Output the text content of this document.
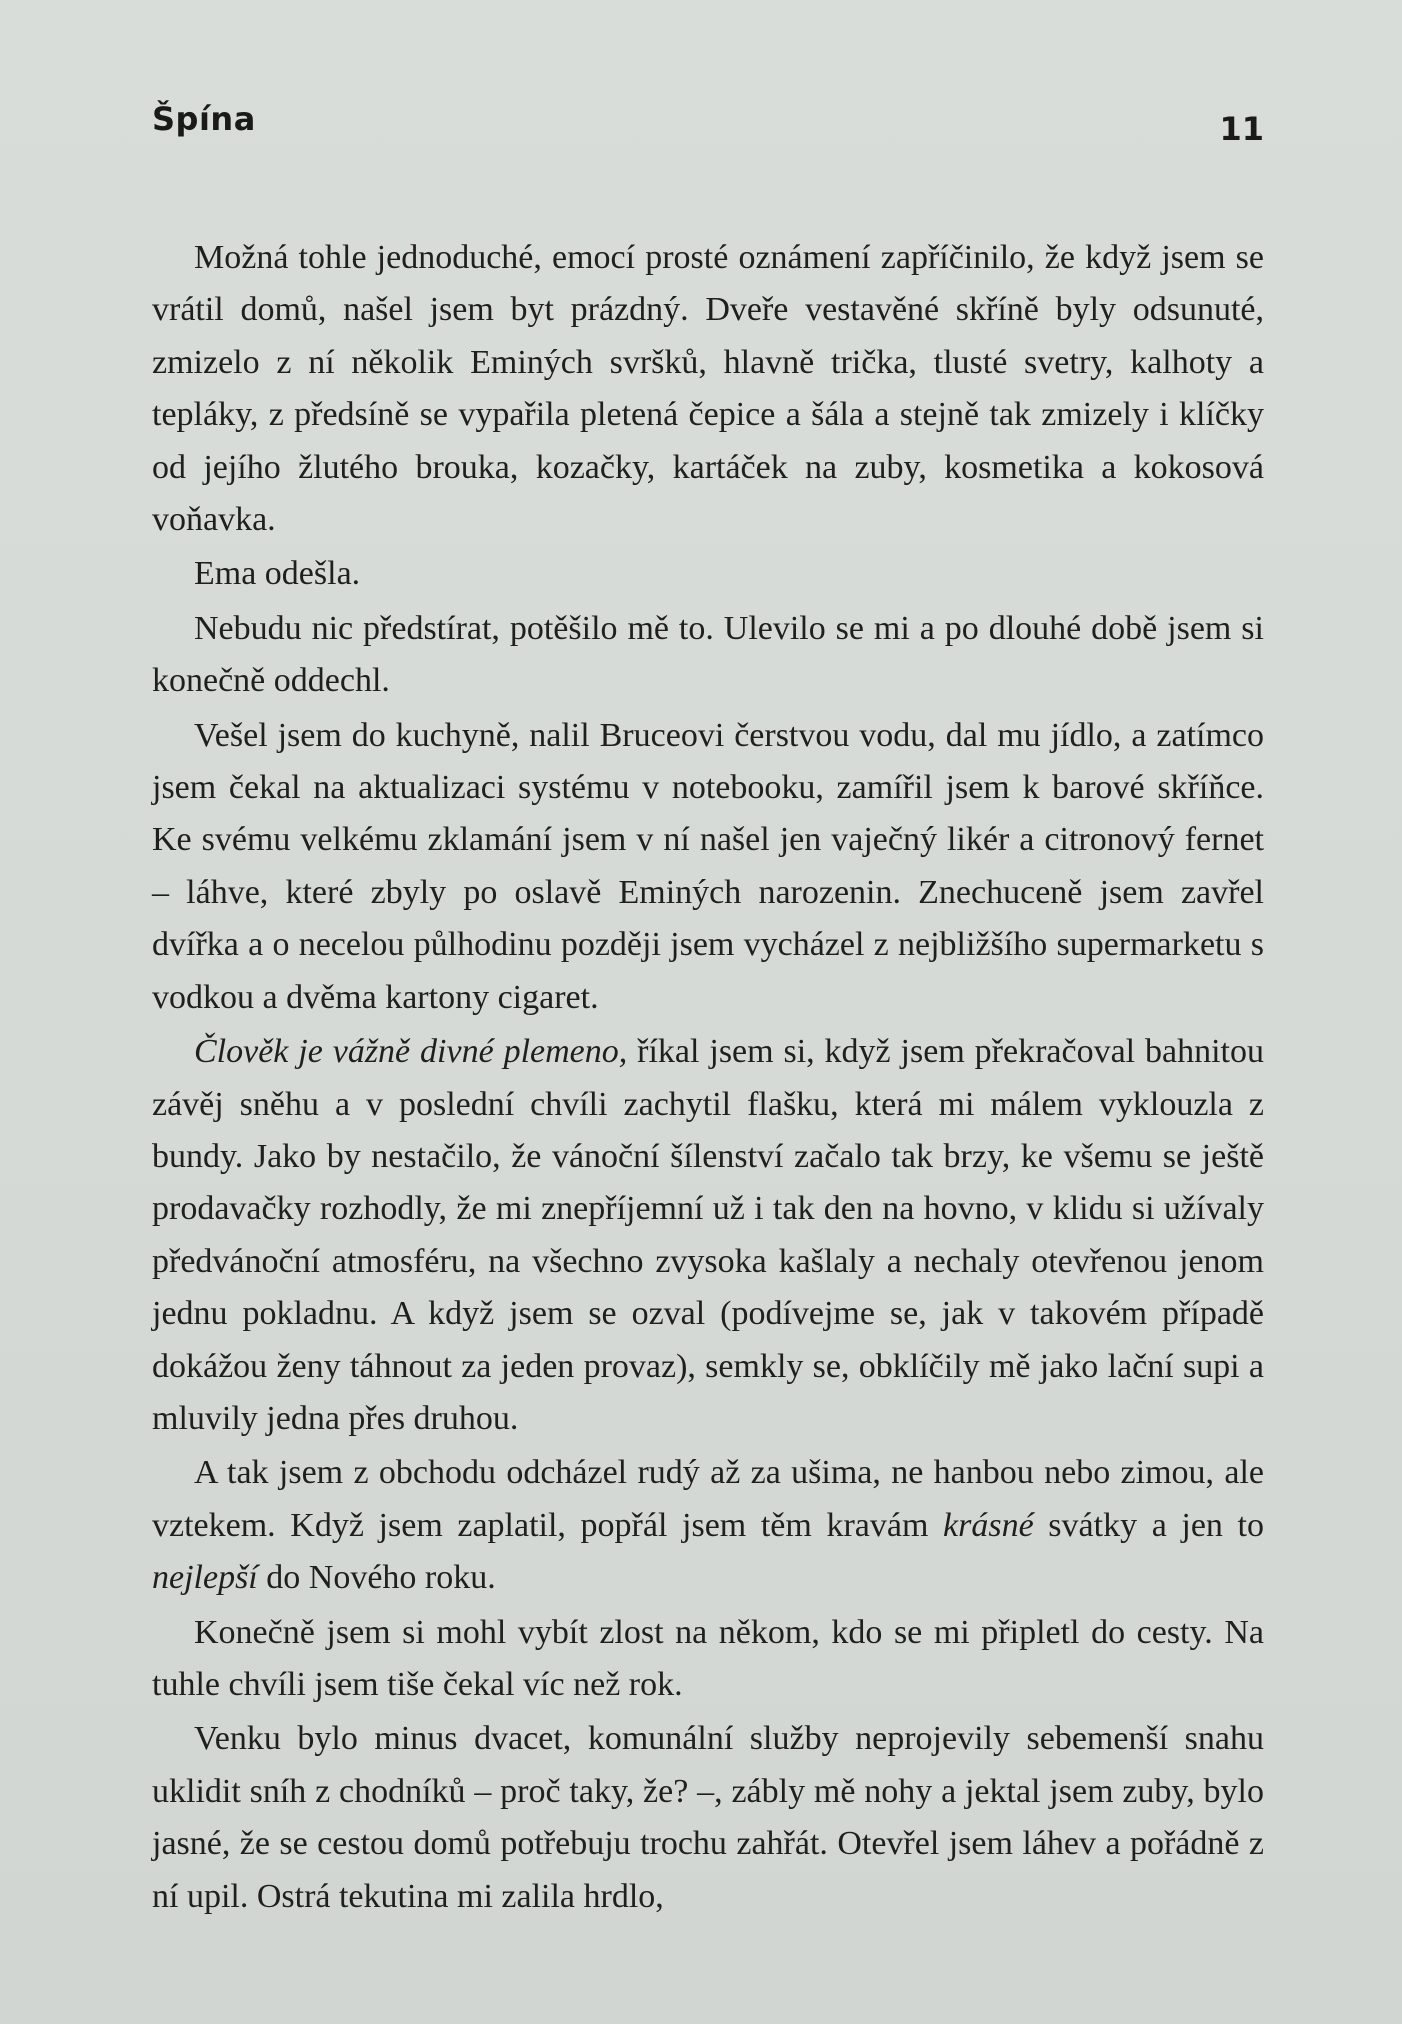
Špína	11

Možná tohle jednoduché, emocí prosté oznámení zapříčinilo, že když jsem se vrátil domů, našel jsem byt prázdný. Dveře vestavěné skříně byly odsunuté, zmizelo z ní několik Eminých svršků, hlavně trička, tlusté svetry, kalhoty a tepláky, z předsíně se vypařila pletená čepice a šála a stejně tak zmizely i klíčky od jejího žlutého brouka, kozačky, kartáček na zuby, kosmetika a kokosová voňavka.

Ema odešla.

Nebudu nic předstírat, potěšilo mě to. Ulevilo se mi a po dlouhé době jsem si konečně oddechl.

Vešel jsem do kuchyně, nalil Bruceovi čerstvou vodu, dal mu jídlo, a zatímco jsem čekal na aktualizaci systému v notebooku, zamířil jsem k barové skříňce. Ke svému velkému zklamání jsem v ní našel jen vaječný likér a citronový fernet – láhve, které zbyly po oslavě Eminých narozenin. Znechuceně jsem zavřel dvířka a o necelou půlhodinu později jsem vycházel z nejbližšího supermarketu s vodkou a dvěma kartony cigaret.

Člověk je vážně divné plemeno, říkal jsem si, když jsem překračoval bahnitou závěj sněhu a v poslední chvíli zachytil flašku, která mi málem vyklouzla z bundy. Jako by nestačilo, že vánoční šílenství začalo tak brzy, ke všemu se ještě prodavačky rozhodly, že mi znepříjemní už i tak den na hovno, v klidu si užívaly předvánoční atmosféru, na všechno zvysoka kašlaly a nechaly otevřenou jenom jednu pokladnu. A když jsem se ozval (podívejme se, jak v takovém případě dokážou ženy táhnout za jeden provaz), semkly se, obklíčily mě jako lační supi a mluvily jedna přes druhou.

A tak jsem z obchodu odcházel rudý až za ušima, ne hanbou nebo zimou, ale vztekem. Když jsem zaplatil, popřál jsem těm kravám krásné svátky a jen to nejlepší do Nového roku.

Konečně jsem si mohl vybít zlost na někom, kdo se mi připletl do cesty. Na tuhle chvíli jsem tiše čekal víc než rok.

Venku bylo minus dvacet, komunální služby neprojevily sebemenší snahu uklidit sníh z chodníků – proč taky, že? –, zábly mě nohy a jektal jsem zuby, bylo jasné, že se cestou domů potřebuju trochu zahřát. Otevřel jsem láhev a pořádně z ní upil. Ostrá tekutina mi zalila hrdlo,
